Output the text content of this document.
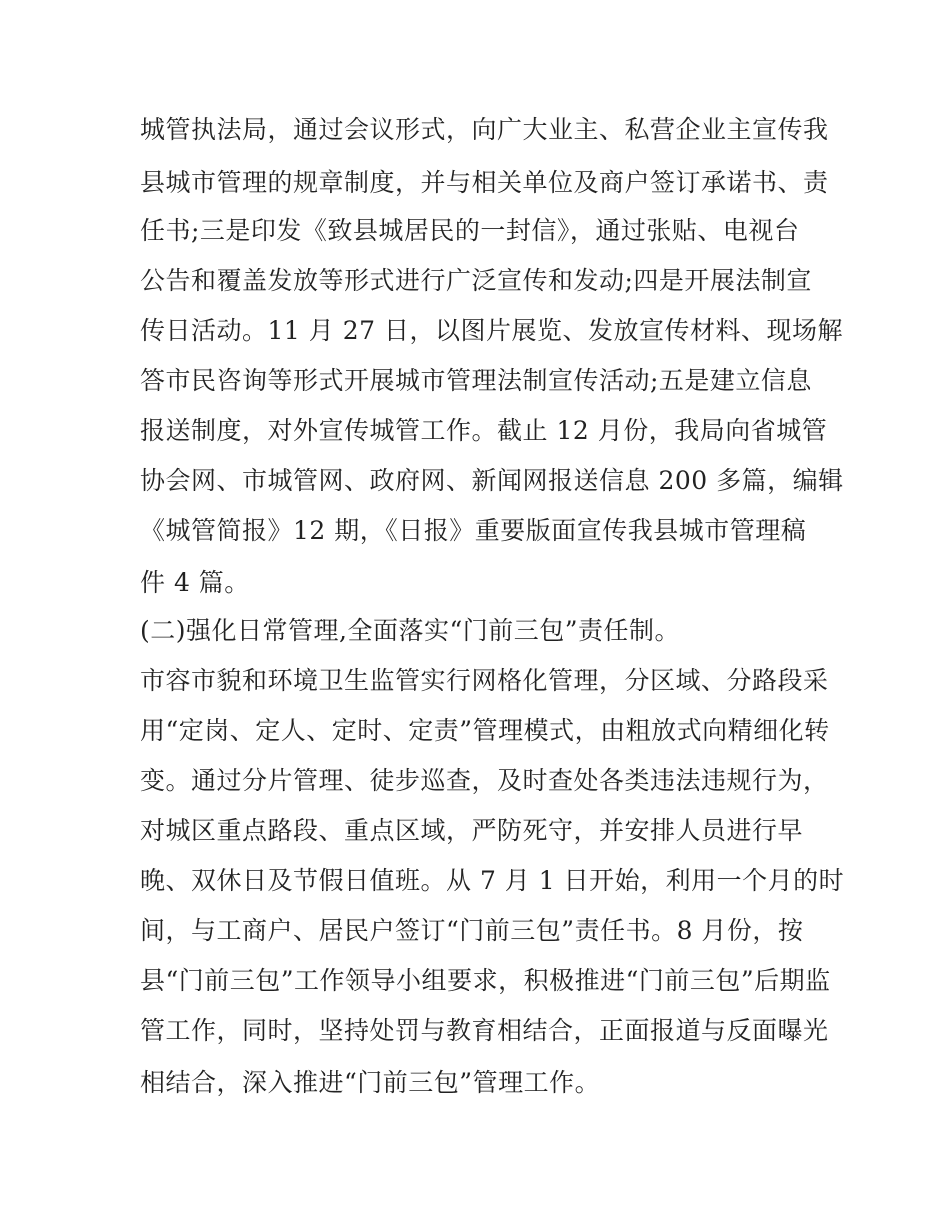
城管执法局，通过会议形式，向广大业主、私营企业主宣传我
县城市管理的规章制度，并与相关单位及商户签订承诺书、责
任书;三是印发《致县城居民的一封信》，通过张贴、电视台
公告和覆盖发放等形式进行广泛宣传和发动;四是开展法制宣
传日活动。11 月 27 日，以图片展览、发放宣传材料、现场解
答市民咨询等形式开展城市管理法制宣传活动;五是建立信息
报送制度，对外宣传城管工作。截止 12 月份，我局向省城管
协会网、市城管网、政府网、新闻网报送信息 200 多篇，编辑
《城管简报》12 期，《日报》重要版面宣传我县城市管理稿
件 4 篇。
(二)强化日常管理,全面落实“门前三包”责任制。
市容市貌和环境卫生监管实行网格化管理，分区域、分路段采
用“定岗、定人、定时、定责”管理模式，由粗放式向精细化转
变。通过分片管理、徒步巡查，及时查处各类违法违规行为，
对城区重点路段、重点区域，严防死守，并安排人员进行早
晚、双休日及节假日值班。从 7 月 1 日开始，利用一个月的时
间，与工商户、居民户签订“门前三包”责任书。8 月份，按
县“门前三包”工作领导小组要求，积极推进“门前三包”后期监
管工作，同时，坚持处罚与教育相结合，正面报道与反面曝光
相结合，深入推进“门前三包”管理工作。
